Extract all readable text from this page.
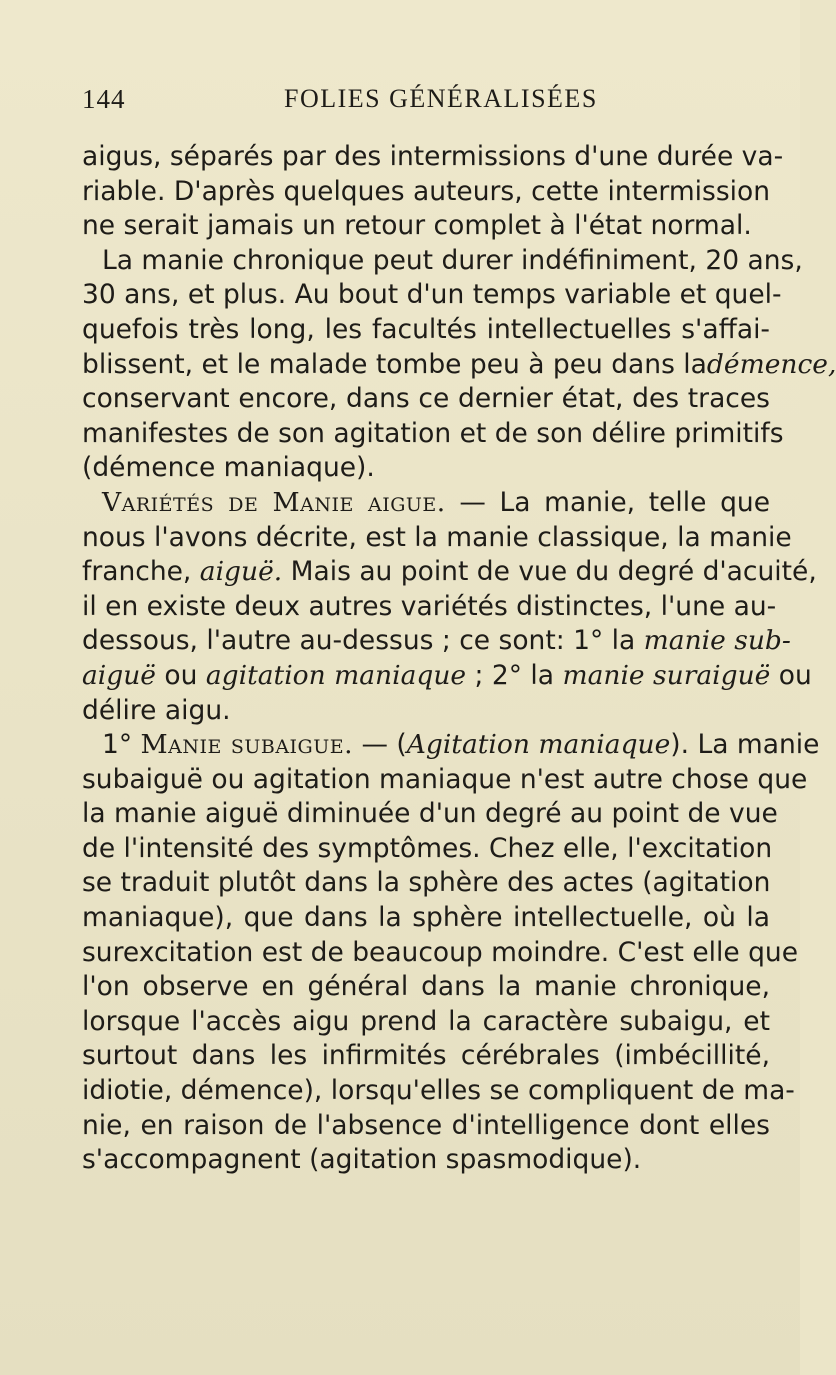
144	FOLIES GÉNÉRALISÉES
aigus, séparés par des intermissions d'une durée va-
riable. D'après quelques auteurs, cette intermission
ne serait jamais un retour complet à l'état normal.
La manie chronique peut durer indéfiniment, 20 ans,
30 ans, et plus. Au bout d'un temps variable et quel-
quefois très long, les facultés intellectuelles s'affai-
blissent, et le malade tombe peu à peu dans ladémence,
conservant encore, dans ce dernier état, des traces
manifestes de son agitation et de son délire primitifs
(démence maniaque).
Variétés de Manie aigue. — La manie, telle que
nous l'avons décrite, est la manie classique, la manie
franche, aiguë. Mais au point de vue du degré d'acuité,
il en existe deux autres variétés distinctes, l'une au-
dessous, l'autre au-dessus ; ce sont: 1° la manie sub-
aiguë ou agitation maniaque ; 2° la manie suraiguë ou
délire aigu.
1° Manie subaigue. — (Agitation maniaque). La manie
subaiguë ou agitation maniaque n'est autre chose que
la manie aiguë diminuée d'un degré au point de vue
de l'intensité des symptômes. Chez elle, l'excitation
se traduit plutôt dans la sphère des actes (agitation
maniaque), que dans la sphère intellectuelle, où la
surexcitation est de beaucoup moindre. C'est elle que
l'on observe en général dans la manie chronique,
lorsque l'accès aigu prend la caractère subaigu, et
surtout dans les infirmités cérébrales (imbécillité,
idiotie, démence), lorsqu'elles se compliquent de ma-
nie, en raison de l'absence d'intelligence dont elles
s'accompagnent (agitation spasmodique).
